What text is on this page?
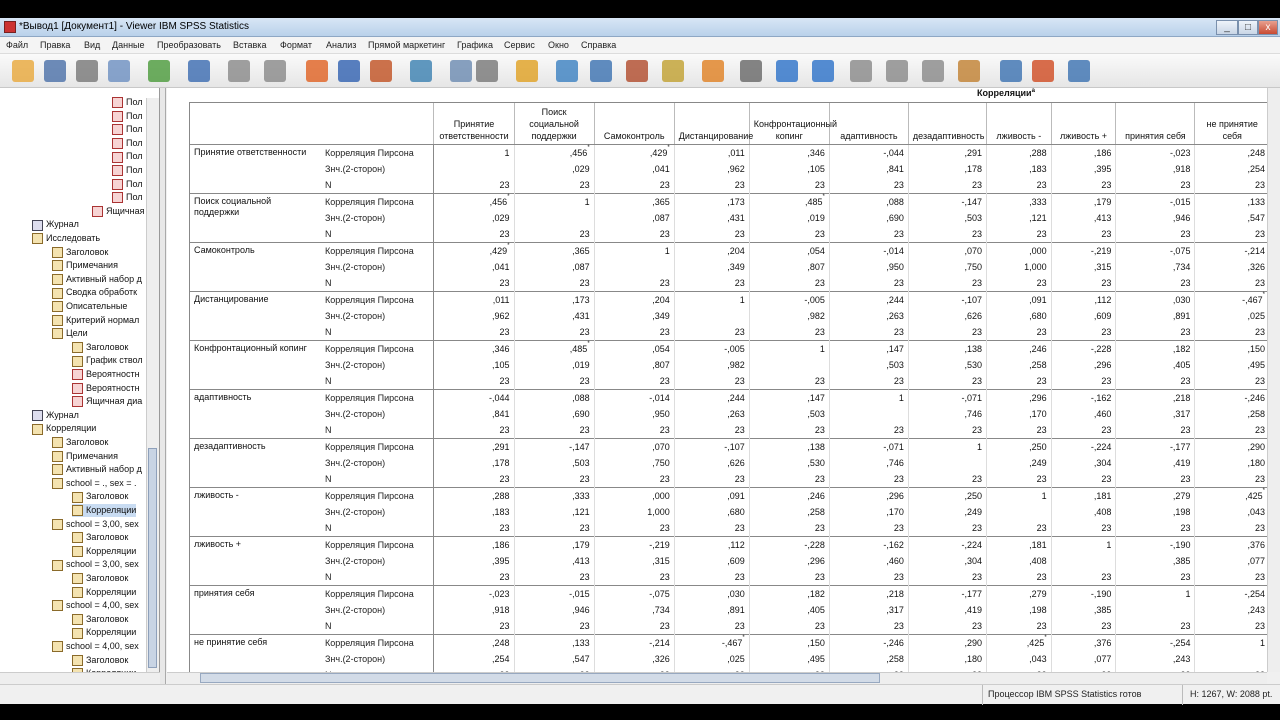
*Вывод1 [Документ1] - Viewer IBM SPSS Statistics	_	□	x
Файл Правка Вид Данные Преобразовать Вставка Формат Анализ Прямой маркетинг Графика Сервис Окно Справка
Пол
Пол
Пол
Пол
Пол
Пол
Пол
Пол
Ящичная
Журнал
Исследовать
Заголовок
Примечания
Активный набор д
Сводка обработк
Описательные
Критерий нормал
Цели
Заголовок
График ствол
Вероятностн
Вероятностн
Ящичная диа
Журнал
Корреляции
Заголовок
Примечания
Активный набор д
school = ., sex = .
Заголовок
Корреляции
school = 3,00, sex
Заголовок
Корреляции
school = 3,00, sex
Заголовок
Корреляции
school = 4,00, sex
Заголовок
Корреляции
school = 4,00, sex
Заголовок
Корреляции$^a$
		Принятие ответственности	Поиск социальной поддержки	Самоконтроль	Дистанцирование	Конфронтационный копинг	адаптивность	дезадаптивность	лживость -	лживость +	принятия себя	не принятие себя
Принятие ответственности	Корреляция Пирсона	1	,456*	,429*	,011	,346	-,044	,291	,288	,186	-,023	,248
	Знч.(2-сторон)		,029	,041	,962	,105	,841	,178	,183	,395	,918	,254
	N	23	23	23	23	23	23	23	23	23	23	23
Поиск социальной поддержки	Корреляция Пирсона	,456*	1	,365	,173	,485*	,088	-,147	,333	,179	-,015	,133
	Знч.(2-сторон)	,029		,087	,431	,019	,690	,503	,121	,413	,946	,547
	N	23	23	23	23	23	23	23	23	23	23	23
Самоконтроль	Корреляция Пирсона	,429*	,365	1	,204	,054	-,014	,070	,000	-,219	-,075	-,214
	Знч.(2-сторон)	,041	,087		,349	,807	,950	,750	1,000	,315	,734	,326
	N	23	23	23	23	23	23	23	23	23	23	23
Дистанцирование	Корреляция Пирсона	,011	,173	,204	1	-,005	,244	-,107	,091	,112	,030	-,467*
	Знч.(2-сторон)	,962	,431	,349		,982	,263	,626	,680	,609	,891	,025
	N	23	23	23	23	23	23	23	23	23	23	23
Конфронтационный копинг	Корреляция Пирсона	,346	,485*	,054	-,005	1	,147	,138	,246	-,228	,182	,150
	Знч.(2-сторон)	,105	,019	,807	,982		,503	,530	,258	,296	,405	,495
	N	23	23	23	23	23	23	23	23	23	23	23
адаптивность	Корреляция Пирсона	-,044	,088	-,014	,244	,147	1	-,071	,296	-,162	,218	-,246
	Знч.(2-сторон)	,841	,690	,950	,263	,503		,746	,170	,460	,317	,258
	N	23	23	23	23	23	23	23	23	23	23	23
дезадаптивность	Корреляция Пирсона	,291	-,147	,070	-,107	,138	-,071	1	,250	-,224	-,177	,290
	Знч.(2-сторон)	,178	,503	,750	,626	,530	,746		,249	,304	,419	,180
	N	23	23	23	23	23	23	23	23	23	23	23
лживость -	Корреляция Пирсона	,288	,333	,000	,091	,246	,296	,250	1	,181	,279	,425*
	Знч.(2-сторон)	,183	,121	1,000	,680	,258	,170	,249		,408	,198	,043
	N	23	23	23	23	23	23	23	23	23	23	23
лживость +	Корреляция Пирсона	,186	,179	-,219	,112	-,228	-,162	-,224	,181	1	-,190	,376
	Знч.(2-сторон)	,395	,413	,315	,609	,296	,460	,304	,408		,385	,077
	N	23	23	23	23	23	23	23	23	23	23	23
принятия себя	Корреляция Пирсона	-,023	-,015	-,075	,030	,182	,218	-,177	,279	-,190	1	-,254
	Знч.(2-сторон)	,918	,946	,734	,891	,405	,317	,419	,198	,385		,243
	N	23	23	23	23	23	23	23	23	23	23	23
не принятие себя	Корреляция Пирсона	,248	,133	-,214	-,467*	,150	-,246	,290	,425*	,376	-,254	1
	Знч.(2-сторон)	,254	,547	,326	,025	,495	,258	,180	,043	,077	,243	

Процессор IBM SPSS Statistics готов	H: 1267, W: 2088 pt.
